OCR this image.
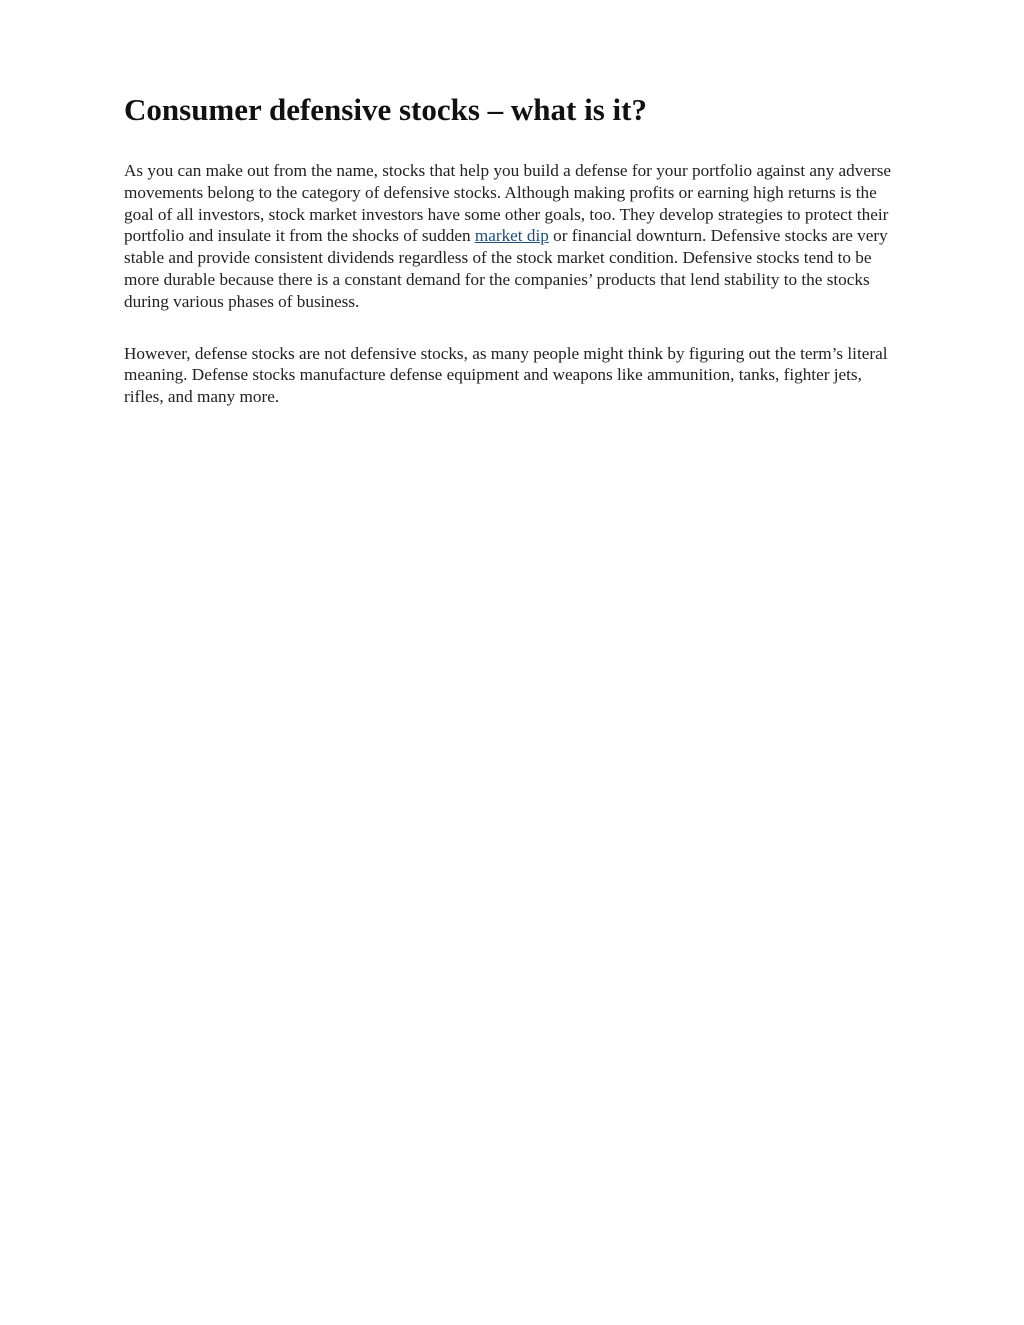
Consumer defensive stocks – what is it?

As you can make out from the name, stocks that help you build a defense for your portfolio against any adverse movements belong to the category of defensive stocks. Although making profits or earning high returns is the goal of all investors, stock market investors have some other goals, too. They develop strategies to protect their portfolio and insulate it from the shocks of sudden market dip or financial downturn. Defensive stocks are very stable and provide consistent dividends regardless of the stock market condition. Defensive stocks tend to be more durable because there is a constant demand for the companies’ products that lend stability to the stocks during various phases of business.

However, defense stocks are not defensive stocks, as many people might think by figuring out the term’s literal meaning. Defense stocks manufacture defense equipment and weapons like ammunition, tanks, fighter jets, rifles, and many more.
